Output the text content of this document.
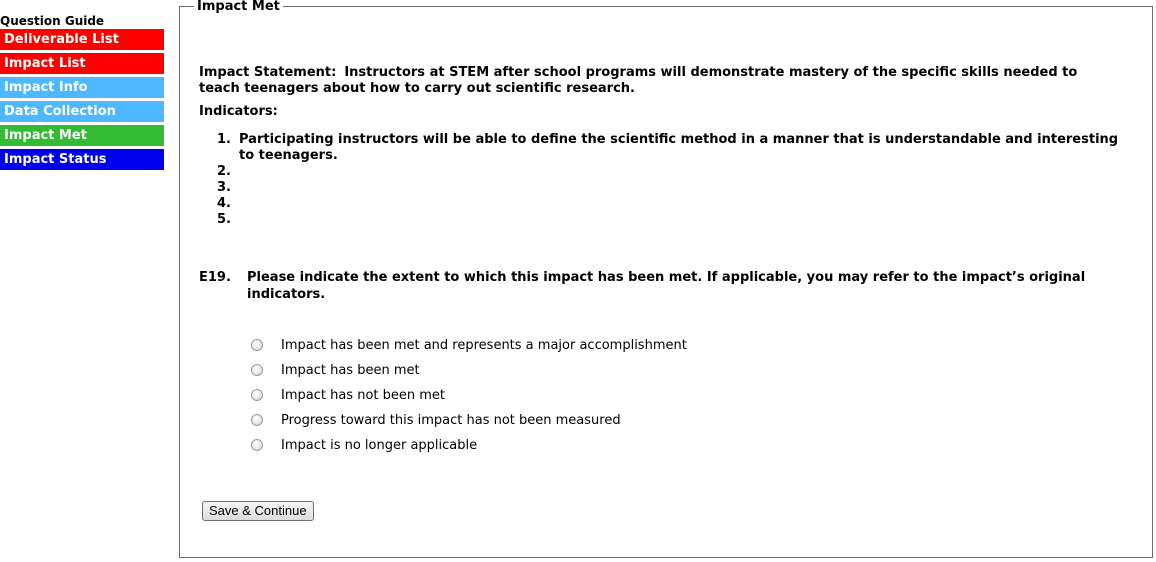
Question Guide
Deliverable List
Impact List
Impact Info
Data Collection
Impact Met
Impact Status
Impact Met

Impact Statement: Instructors at STEM after school programs will demonstrate mastery of the specific skills needed to teach teenagers about how to carry out scientific research.

Indicators:
1. Participating instructors will be able to define the scientific method in a manner that is understandable and interesting to teenagers.
2.
3.
4.
5.
E19. Please indicate the extent to which this impact has been met. If applicable, you may refer to the impact’s original indicators.
Impact has been met and represents a major accomplishment
Impact has been met
Impact has not been met
Progress toward this impact has not been measured
Impact is no longer applicable
Save & Continue
